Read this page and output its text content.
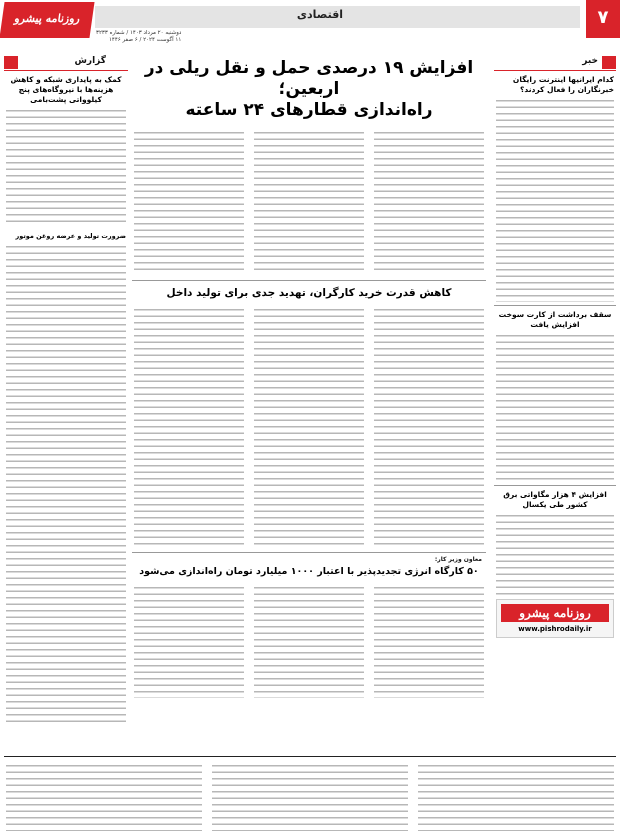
۷
اقتصادی
روزنامه پیشرو
دوشنبه ۲۰ مرداد ۱۴۰۳ / شماره ۳۲۳۳
۱۱ آگوست ۲۰۲۴ / ۶ صفر ۱۴۴۶
خبر
کدام ایرانیها اینترنت رایگان خبرنگاران را فعال کردند؟
سقف برداشت از کارت سوخت افزایش یافت
افزایش ۴ هزار مگاواتی برق کشور طی یکسال
روزنامه پیشرو
www.pishrodaily.ir
گزارش
کمک به پایداری شبکه و کاهش هزینه‌ها با نیروگاه‌های پنج کیلوواتی پشت‌بامی
ضرورت تولید و عرضه روغن موتور
افزایش ۱۹ درصدی حمل و نقل ریلی در اربعین؛
راه‌اندازی قطارهای ۲۴ ساعته
کاهش قدرت خرید کارگران، تهدید جدی برای تولید داخل
معاون وزیر کار:
۵۰ کارگاه انرژی تجدیدپذیر با اعتبار ۱۰۰۰ میلیارد تومان راه‌اندازی می‌شود
